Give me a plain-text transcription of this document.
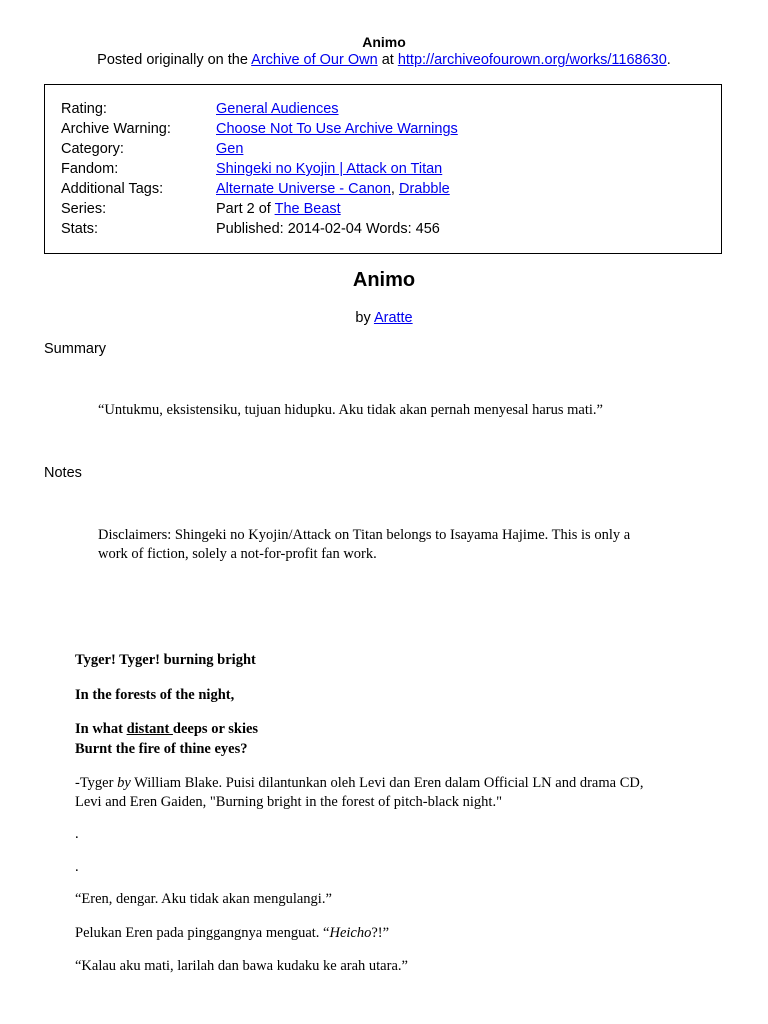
Animo
Posted originally on the Archive of Our Own at http://archiveofourown.org/works/1168630.
Rating:	General Audiences
Archive Warning:	Choose Not To Use Archive Warnings
Category:	Gen
Fandom:	Shingeki no Kyojin | Attack on Titan
Additional Tags:	Alternate Universe - Canon, Drabble
Series:	Part 2 of The Beast
Stats:	Published: 2014-02-04 Words: 456
Animo
by Aratte
Summary
“Untukmu, eksistensiku, tujuan hidupku. Aku tidak akan pernah menyesal harus mati.”
Notes
Disclaimers: Shingeki no Kyojin/Attack on Titan belongs to Isayama Hajime. This is only a
work of fiction, solely a not-for-profit fan work.
Tyger! Tyger! burning bright
In the forests of the night,
In what distant deeps or skies
Burnt the fire of thine eyes?
-Tyger by William Blake. Puisi dilantunkan oleh Levi dan Eren dalam Official LN and drama CD,
Levi and Eren Gaiden, "Burning bright in the forest of pitch-black night."
.
.
“Eren, dengar. Aku tidak akan mengulangi.”
Pelukan Eren pada pinggangnya menguat. “Heicho?!”
“Kalau aku mati, larilah dan bawa kudaku ke arah utara.”
